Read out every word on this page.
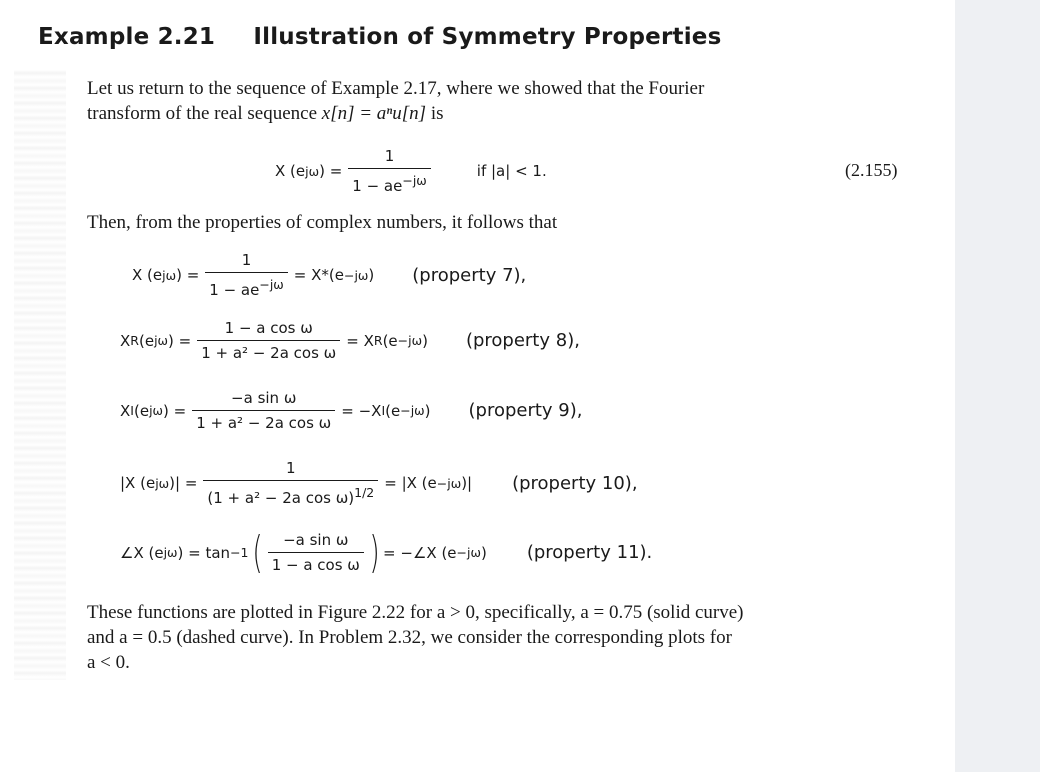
Example 2.21 Illustration of Symmetry Properties
Let us return to the sequence of Example 2.17, where we showed that the Fourier
transform of the real sequence x[n] = aⁿu[n] is
X (e jω ) = $\frac{1}{1 - ae^{-j\omega}}$	if |a| < 1.	(2.155)
Then, from the properties of complex numbers, it follows that
X (e jω ) = $\frac{1}{1 - ae^{-j\omega}} = X*(e -j\omega$ ) (property 7),
X R (e jω ) = $\frac{\text{1 − a cos ω}}{\text{1 + a² − 2a cos ω}} = X$ R (e −jω ) (property 8),
X I (e jω ) = $\frac{\text{−a sin ω}}{\text{1 + a² − 2a cos ω}} = -X$ I (e −jω ) (property 9),
|X (e jω )| = $\frac{1}{(1 + a^2 - 2a \cos \omega)^{1/2}} = |X$ (e −jω )| (property 10),
∠X (e jω ) = tan −1 ( $\frac{\text{−a sin ω}}{\text{1 − a cos ω}}$ ) = −∠X (e −jω ) (property 11).
These functions are plotted in Figure 2.22 for a > 0, specifically, a = 0.75 (solid curve)
and a = 0.5 (dashed curve). In Problem 2.32, we consider the corresponding plots for
a < 0.
